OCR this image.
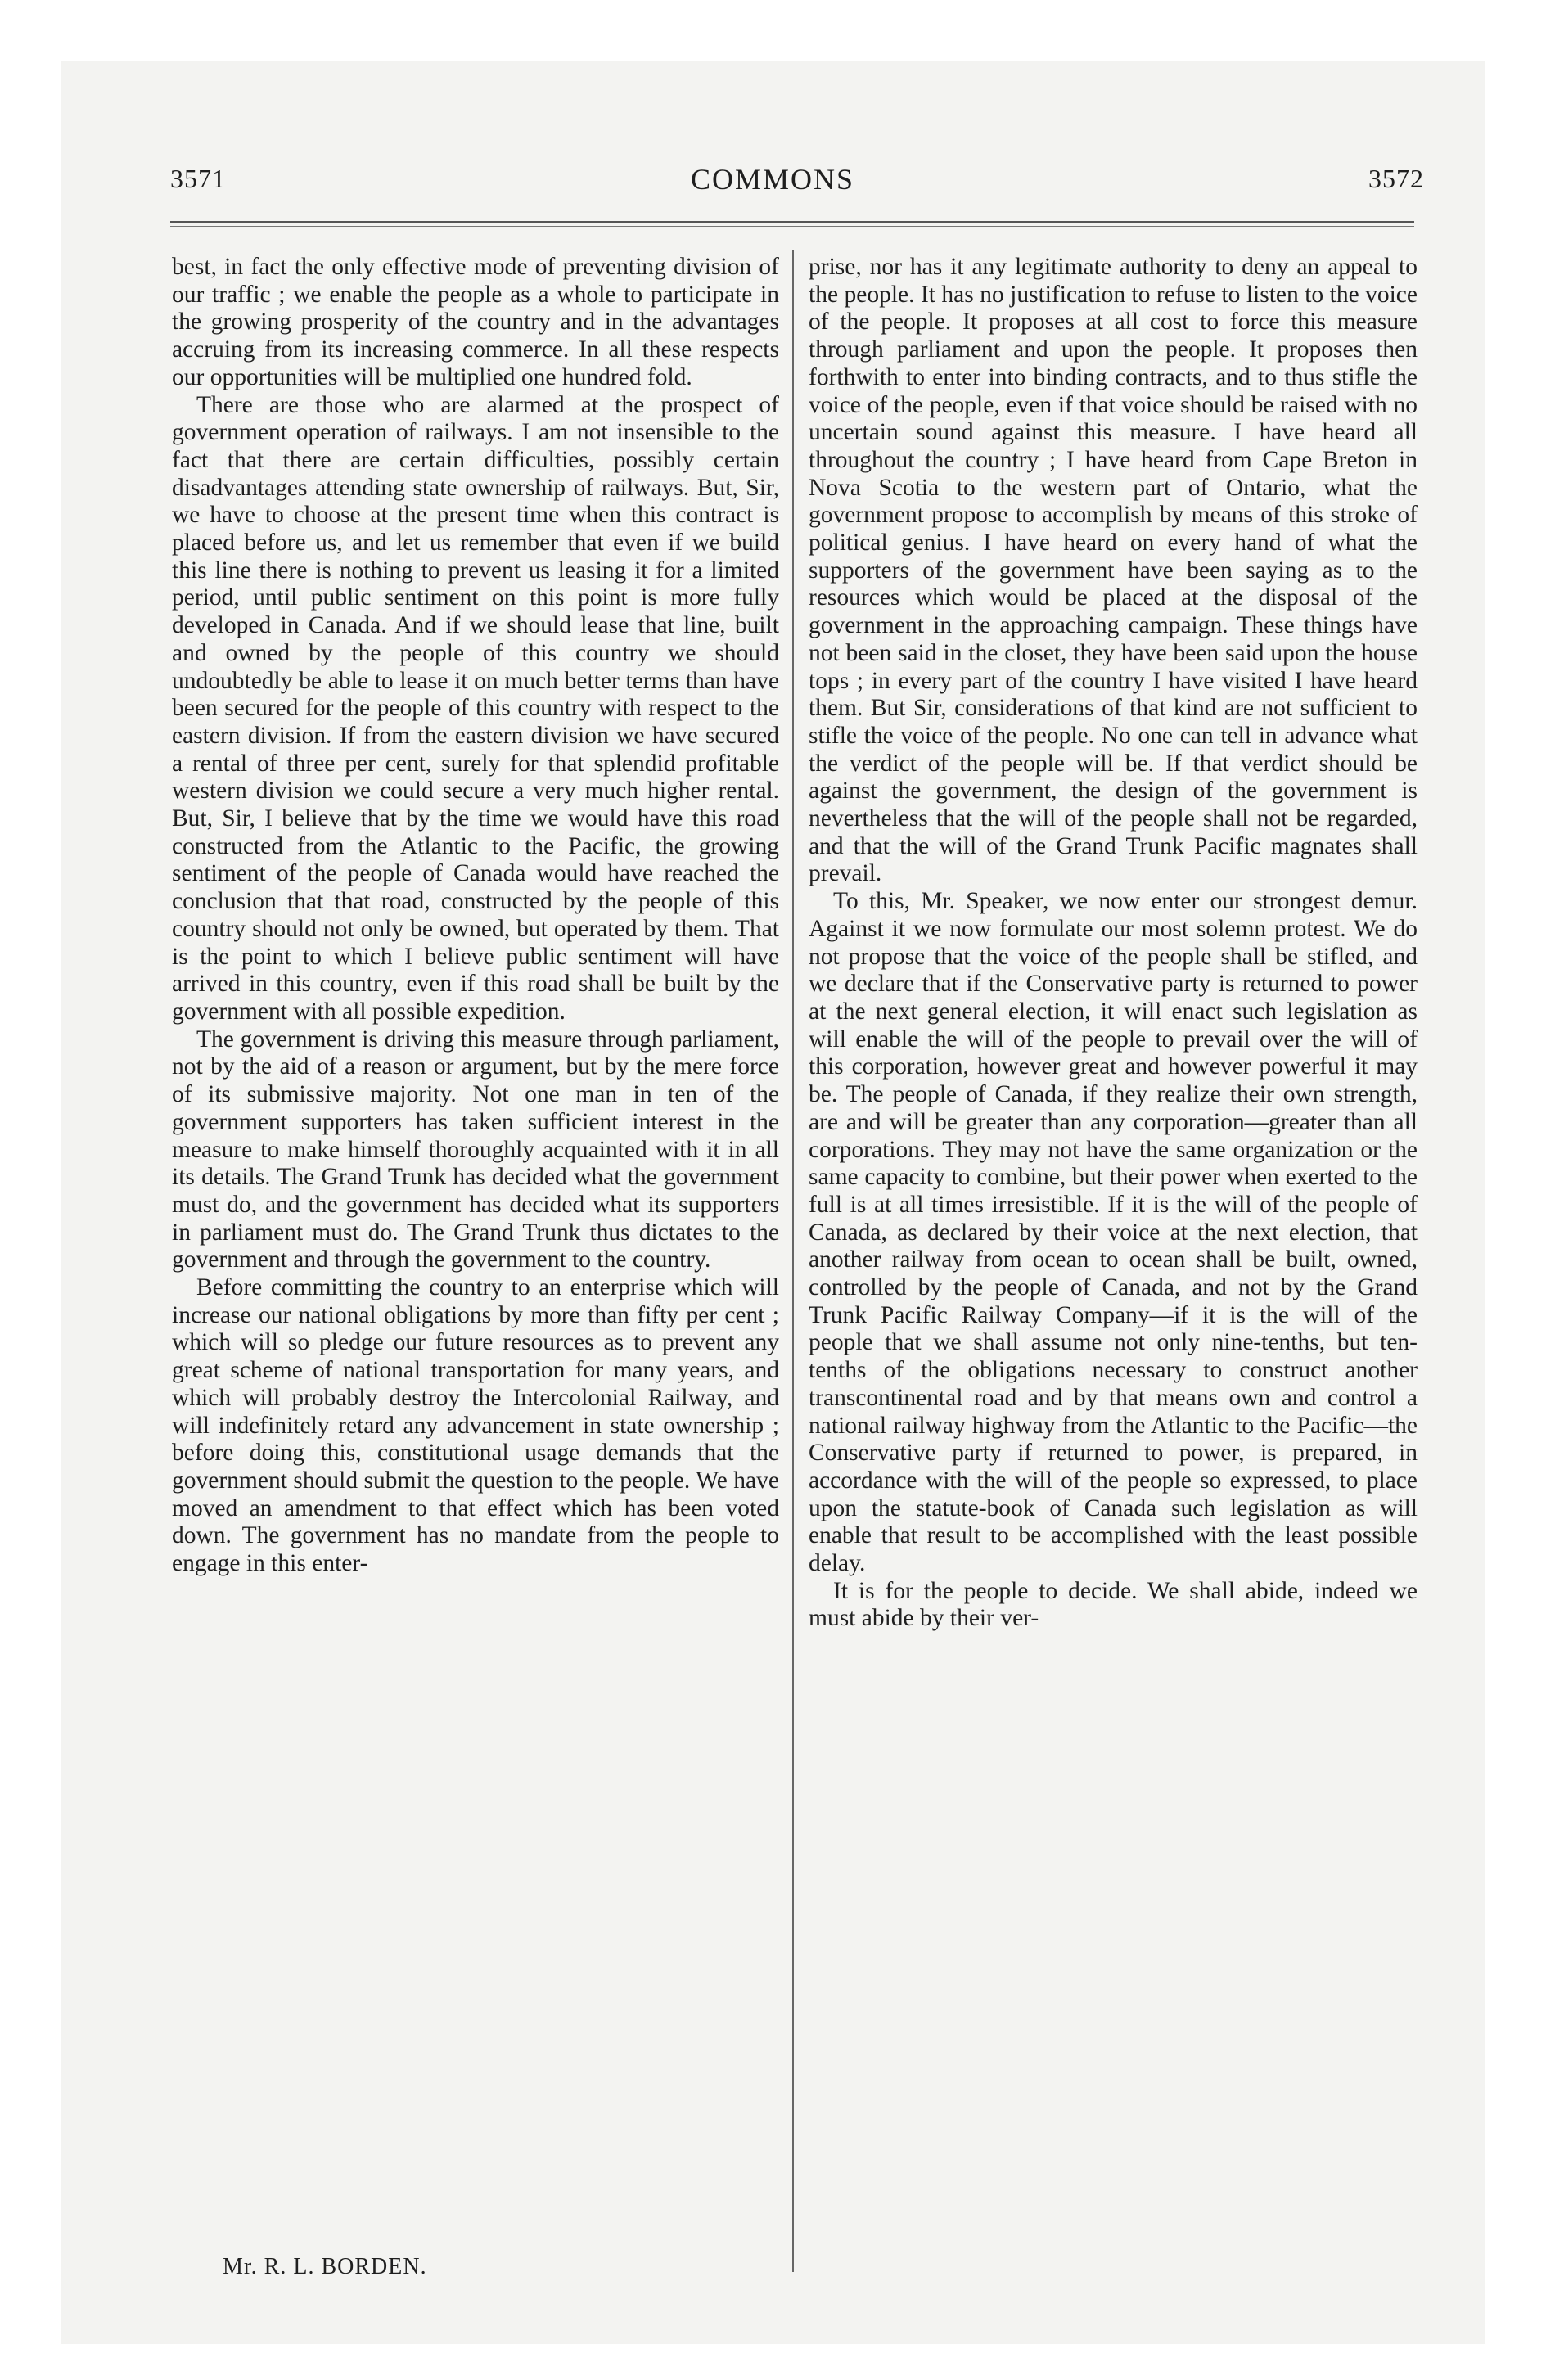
3571	COMMONS	3572

best, in fact the only effective mode of preventing division of our traffic ; we enable the people as a whole to participate in the growing prosperity of the country and in the advantages accruing from its increasing commerce. In all these respects our opportunities will be multiplied one hundred fold.

There are those who are alarmed at the prospect of government operation of railways. I am not insensible to the fact that there are certain difficulties, possibly certain disadvantages attending state ownership of railways. But, Sir, we have to choose at the present time when this contract is placed before us, and let us remember that even if we build this line there is nothing to prevent us leasing it for a limited period, until public sentiment on this point is more fully developed in Canada. And if we should lease that line, built and owned by the people of this country we should undoubtedly be able to lease it on much better terms than have been secured for the people of this country with respect to the eastern division. If from the eastern division we have secured a rental of three per cent, surely for that splendid profitable western division we could secure a very much higher rental. But, Sir, I believe that by the time we would have this road constructed from the Atlantic to the Pacific, the growing sentiment of the people of Canada would have reached the conclusion that that road, constructed by the people of this country should not only be owned, but operated by them. That is the point to which I believe public sentiment will have arrived in this country, even if this road shall be built by the government with all possible expedition.

The government is driving this measure through parliament, not by the aid of a reason or argument, but by the mere force of its submissive majority. Not one man in ten of the government supporters has taken sufficient interest in the measure to make himself thoroughly acquainted with it in all its details. The Grand Trunk has decided what the government must do, and the government has decided what its supporters in parliament must do. The Grand Trunk thus dictates to the government and through the government to the country.

Before committing the country to an enterprise which will increase our national obligations by more than fifty per cent ; which will so pledge our future resources as to prevent any great scheme of national transportation for many years, and which will probably destroy the Intercolonial Railway, and will indefinitely retard any advancement in state ownership ; before doing this, constitutional usage demands that the government should submit the question to the people. We have moved an amendment to that effect which has been voted down. The government has no mandate from the people to engage in this enter-

prise, nor has it any legitimate authority to deny an appeal to the people. It has no justification to refuse to listen to the voice of the people. It proposes at all cost to force this measure through parliament and upon the people. It proposes then forthwith to enter into binding contracts, and to thus stifle the voice of the people, even if that voice should be raised with no uncertain sound against this measure. I have heard all throughout the country ; I have heard from Cape Breton in Nova Scotia to the western part of Ontario, what the government propose to accomplish by means of this stroke of political genius. I have heard on every hand of what the supporters of the government have been saying as to the resources which would be placed at the disposal of the government in the approaching campaign. These things have not been said in the closet, they have been said upon the house tops ; in every part of the country I have visited I have heard them. But Sir, considerations of that kind are not sufficient to stifle the voice of the people. No one can tell in advance what the verdict of the people will be. If that verdict should be against the government, the design of the government is nevertheless that the will of the people shall not be regarded, and that the will of the Grand Trunk Pacific magnates shall prevail.

To this, Mr. Speaker, we now enter our strongest demur. Against it we now formulate our most solemn protest. We do not propose that the voice of the people shall be stifled, and we declare that if the Conservative party is returned to power at the next general election, it will enact such legislation as will enable the will of the people to prevail over the will of this corporation, however great and however powerful it may be. The people of Canada, if they realize their own strength, are and will be greater than any corporation—greater than all corporations. They may not have the same organization or the same capacity to combine, but their power when exerted to the full is at all times irresistible. If it is the will of the people of Canada, as declared by their voice at the next election, that another railway from ocean to ocean shall be built, owned, controlled by the people of Canada, and not by the Grand Trunk Pacific Railway Company—if it is the will of the people that we shall assume not only nine-tenths, but ten-tenths of the obligations necessary to construct another transcontinental road and by that means own and control a national railway highway from the Atlantic to the Pacific—the Conservative party if returned to power, is prepared, in accordance with the will of the people so expressed, to place upon the statute-book of Canada such legislation as will enable that result to be accomplished with the least possible delay.

It is for the people to decide. We shall abide, indeed we must abide by their ver-

Mr. R. L. BORDEN.
